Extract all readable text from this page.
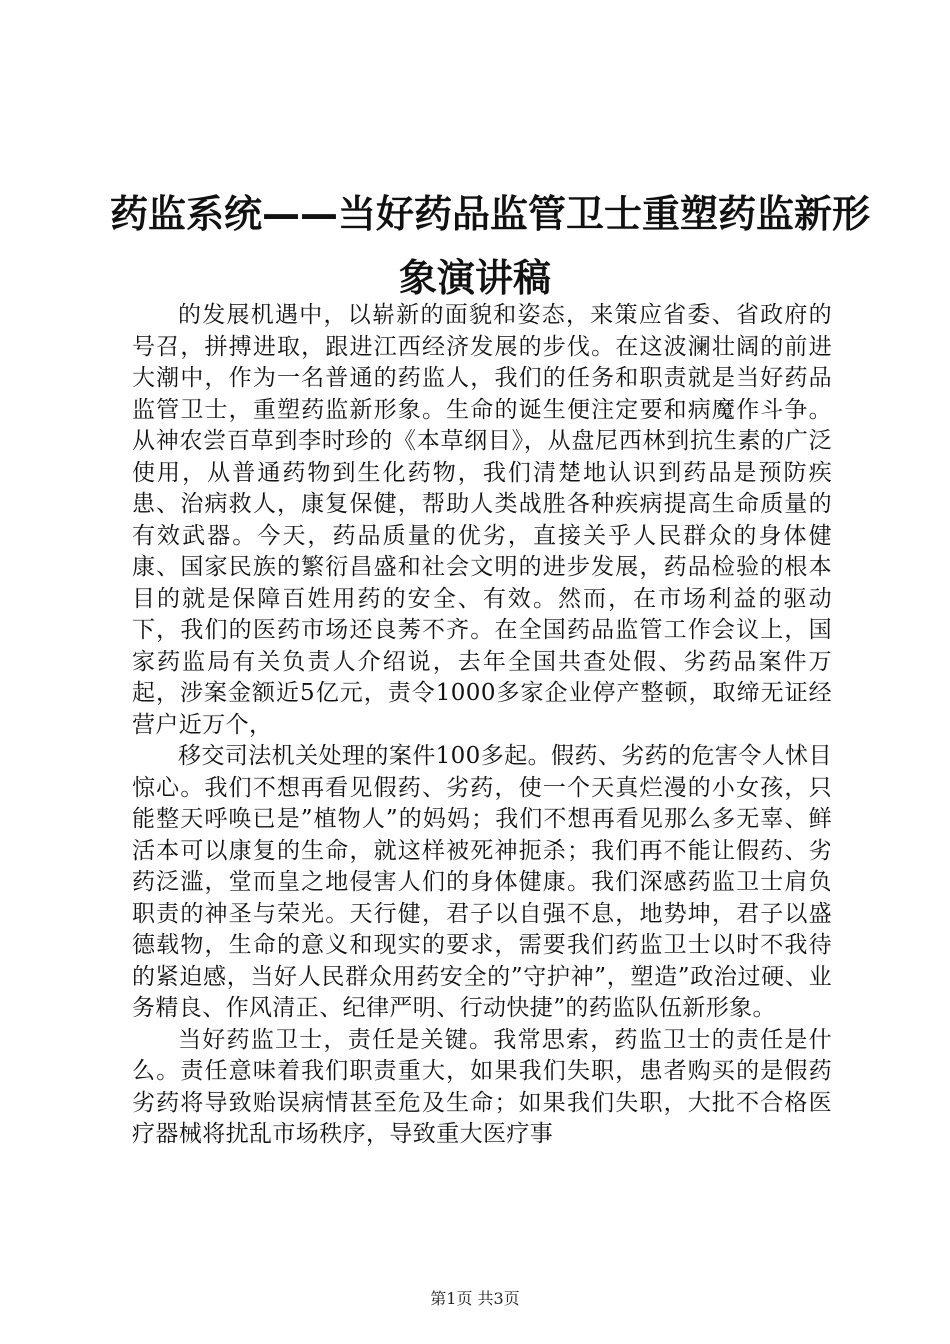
药监系统——当好药品监管卫士重塑药监新形
象演讲稿

的发展机遇中，以崭新的面貌和姿态，来策应省委、省政府的号召，拼搏进取，跟进江西经济发展的步伐。在这波澜壮阔的前进大潮中，作为一名普通的药监人，我们的任务和职责就是当好药品监管卫士，重塑药监新形象。生命的诞生便注定要和病魔作斗争。从神农尝百草到李时珍的《本草纲目》，从盘尼西林到抗生素的广泛使用，从普通药物到生化药物，我们清楚地认识到药品是预防疾患、治病救人，康复保健，帮助人类战胜各种疾病提高生命质量的有效武器。今天，药品质量的优劣，直接关乎人民群众的身体健康、国家民族的繁衍昌盛和社会文明的进步发展，药品检验的根本目的就是保障百姓用药的安全、有效。然而，在市场利益的驱动下，我们的医药市场还良莠不齐。在全国药品监管工作会议上，国家药监局有关负责人介绍说，去年全国共查处假、劣药品案件万起，涉案金额近5亿元，责令1000多家企业停产整顿，取缔无证经营户近万个，

移交司法机关处理的案件100多起。假药、劣药的危害令人怵目惊心。我们不想再看见假药、劣药，使一个天真烂漫的小女孩，只能整天呼唤已是”植物人”的妈妈；我们不想再看见那么多无辜、鲜活本可以康复的生命，就这样被死神扼杀；我们再不能让假药、劣药泛滥，堂而皇之地侵害人们的身体健康。我们深感药监卫士肩负职责的神圣与荣光。天行健，君子以自强不息，地势坤，君子以盛德载物，生命的意义和现实的要求，需要我们药监卫士以时不我待的紧迫感，当好人民群众用药安全的”守护神”，塑造”政治过硬、业务精良、作风清正、纪律严明、行动快捷”的药监队伍新形象。

当好药监卫士，责任是关键。我常思索，药监卫士的责任是什么。责任意味着我们职责重大，如果我们失职，患者购买的是假药劣药将导致贻误病情甚至危及生命；如果我们失职，大批不合格医疗器械将扰乱市场秩序，导致重大医疗事

第1页 共3页
